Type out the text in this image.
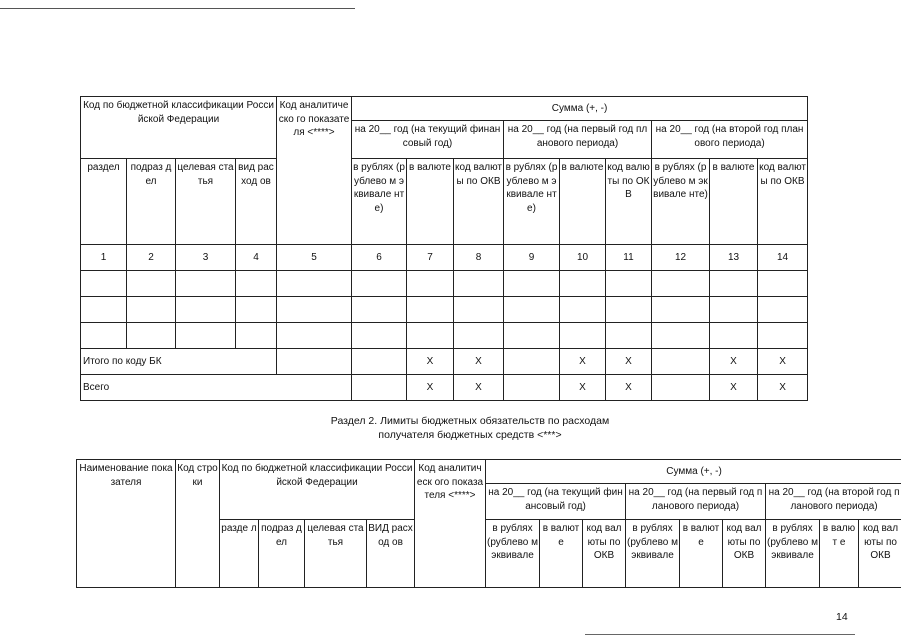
Код по бюджетной классификации Российской Федерации				Код аналитическо го показателя <****>	Сумма (+, -)								
					на 20__ год (на текущий финансовый год)			на 20__ год (на первый год планового периода)			на 20__ год (на второй год планового периода)		
раздел	подраз дел	целевая статья	вид расход ов		в рублях (рублево м эквивале нте)	в валюте	код валюты по ОКВ	в рублях (рублево м эквивале нте)	в валюте	код валюты по ОКВ	в рублях (рублево м эквивале нте)	в валюте	код валюты по ОКВ
1	2	3	4	5	6	7	8	9	10	11	12	13	14

Итого по коду БК						X	X		X	X		X	X
Всего						X	X		X	X		X	X
Раздел 2. Лимиты бюджетных обязательств по расходам
получателя бюджетных средств <***>
Наименование показателя	Код строки	Код по бюджетной классификации Российской Федерации				Код аналитическ ого показателя <****>	Сумма (+, -)								
							на 20__ год (на текущий финансовый год)			на 20__ год (на первый год планового периода)			на 20__ год (на второй год планового периода)		
		разде л	подраз дел	целевая статья	ВИД расход ов		в рублях (рублево м эквивале	в валют е	код валюты по ОКВ	в рублях (рублево м эквивале	в валют е	код валюты по ОКВ	в рублях (рублево м эквивале	в валют е	код валюты по ОКВ
14
